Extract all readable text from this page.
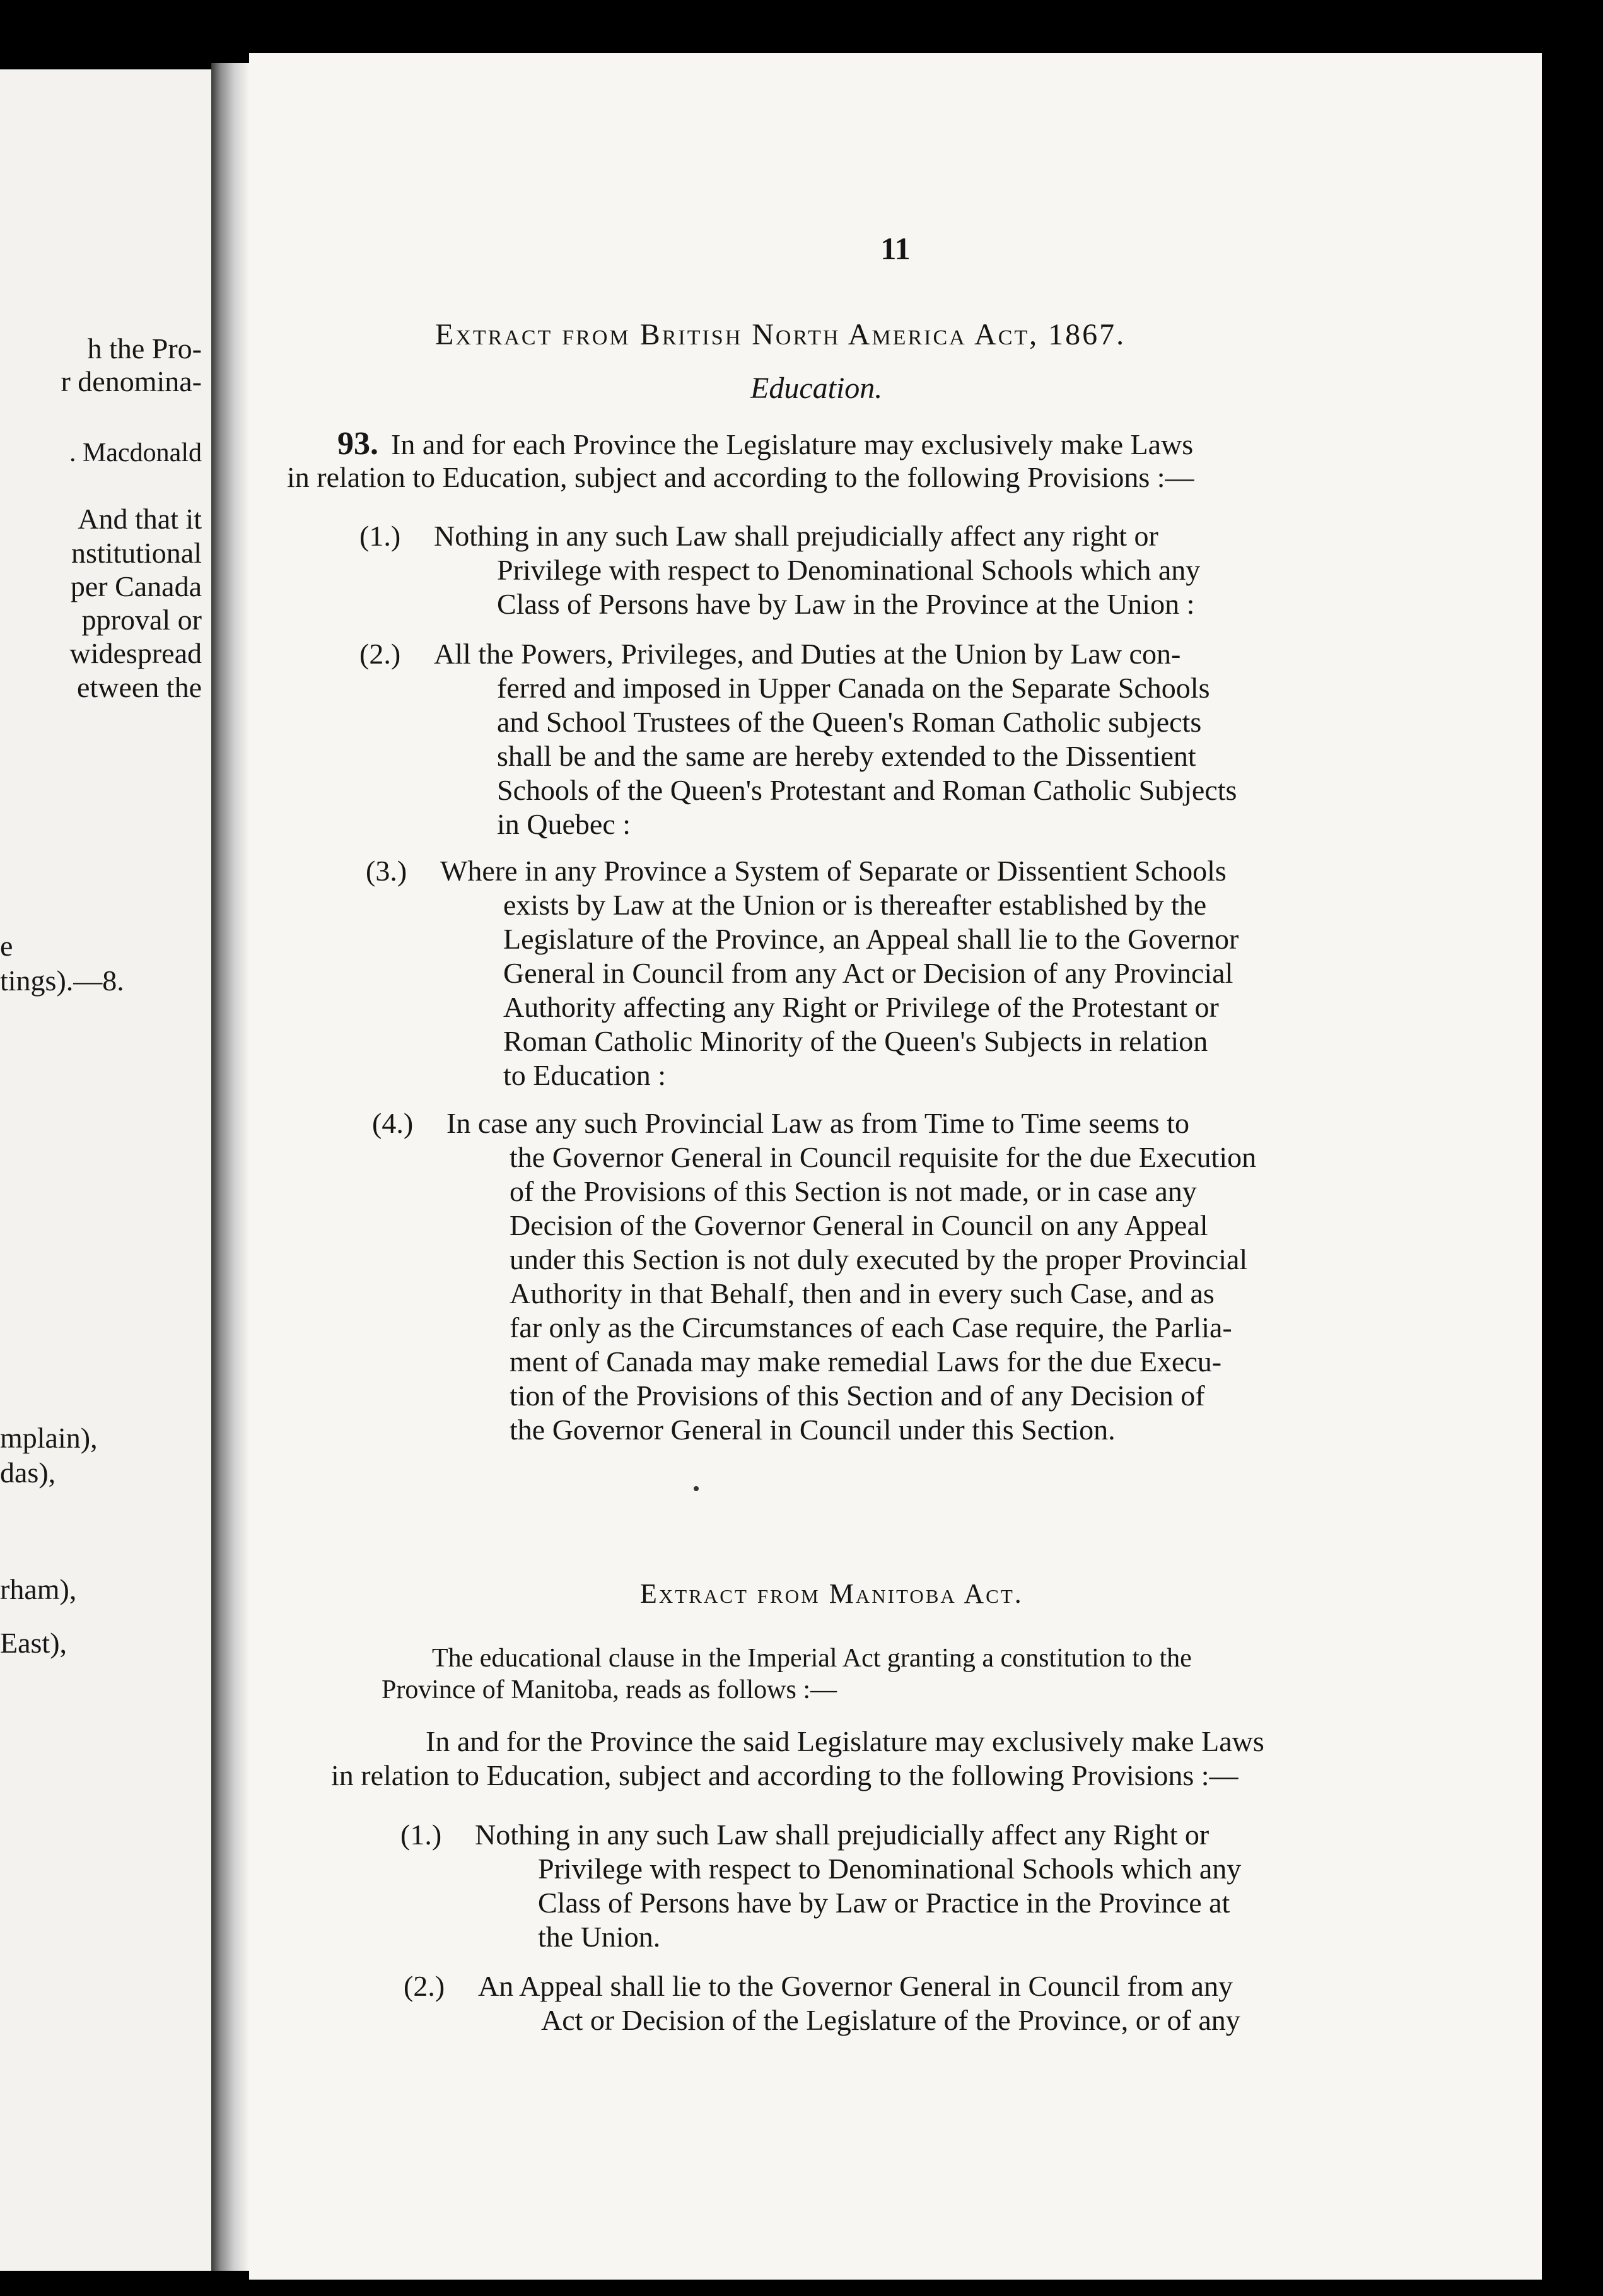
h the Pro-
r denomina-
. Macdonald
And that it
nstitutional
per Canada
pproval or
widespread
etween the
e
tings).—8.
mplain),
das),
rham),
East),
11
Extract from British North America Act, 1867.
Education.
93. In and for each Province the Legislature may exclusively make Laws
in relation to Education, subject and according to the following Provisions :—
(1.) Nothing in any such Law shall prejudicially affect any right or
Privilege with respect to Denominational Schools which any
Class of Persons have by Law in the Province at the Union :
(2.) All the Powers, Privileges, and Duties at the Union by Law con-
ferred and imposed in Upper Canada on the Separate Schools
and School Trustees of the Queen's Roman Catholic subjects
shall be and the same are hereby extended to the Dissentient
Schools of the Queen's Protestant and Roman Catholic Subjects
in Quebec :
(3.) Where in any Province a System of Separate or Dissentient Schools
exists by Law at the Union or is thereafter established by the
Legislature of the Province, an Appeal shall lie to the Governor
General in Council from any Act or Decision of any Provincial
Authority affecting any Right or Privilege of the Protestant or
Roman Catholic Minority of the Queen's Subjects in relation
to Education :
(4.) In case any such Provincial Law as from Time to Time seems to
the Governor General in Council requisite for the due Execution
of the Provisions of this Section is not made, or in case any
Decision of the Governor General in Council on any Appeal
under this Section is not duly executed by the proper Provincial
Authority in that Behalf, then and in every such Case, and as
far only as the Circumstances of each Case require, the Parlia-
ment of Canada may make remedial Laws for the due Execu-
tion of the Provisions of this Section and of any Decision of
the Governor General in Council under this Section.
Extract from Manitoba Act.
The educational clause in the Imperial Act granting a constitution to the
Province of Manitoba, reads as follows :—
In and for the Province the said Legislature may exclusively make Laws
in relation to Education, subject and according to the following Provisions :—
(1.) Nothing in any such Law shall prejudicially affect any Right or
Privilege with respect to Denominational Schools which any
Class of Persons have by Law or Practice in the Province at
the Union.
(2.) An Appeal shall lie to the Governor General in Council from any
Act or Decision of the Legislature of the Province, or of any
